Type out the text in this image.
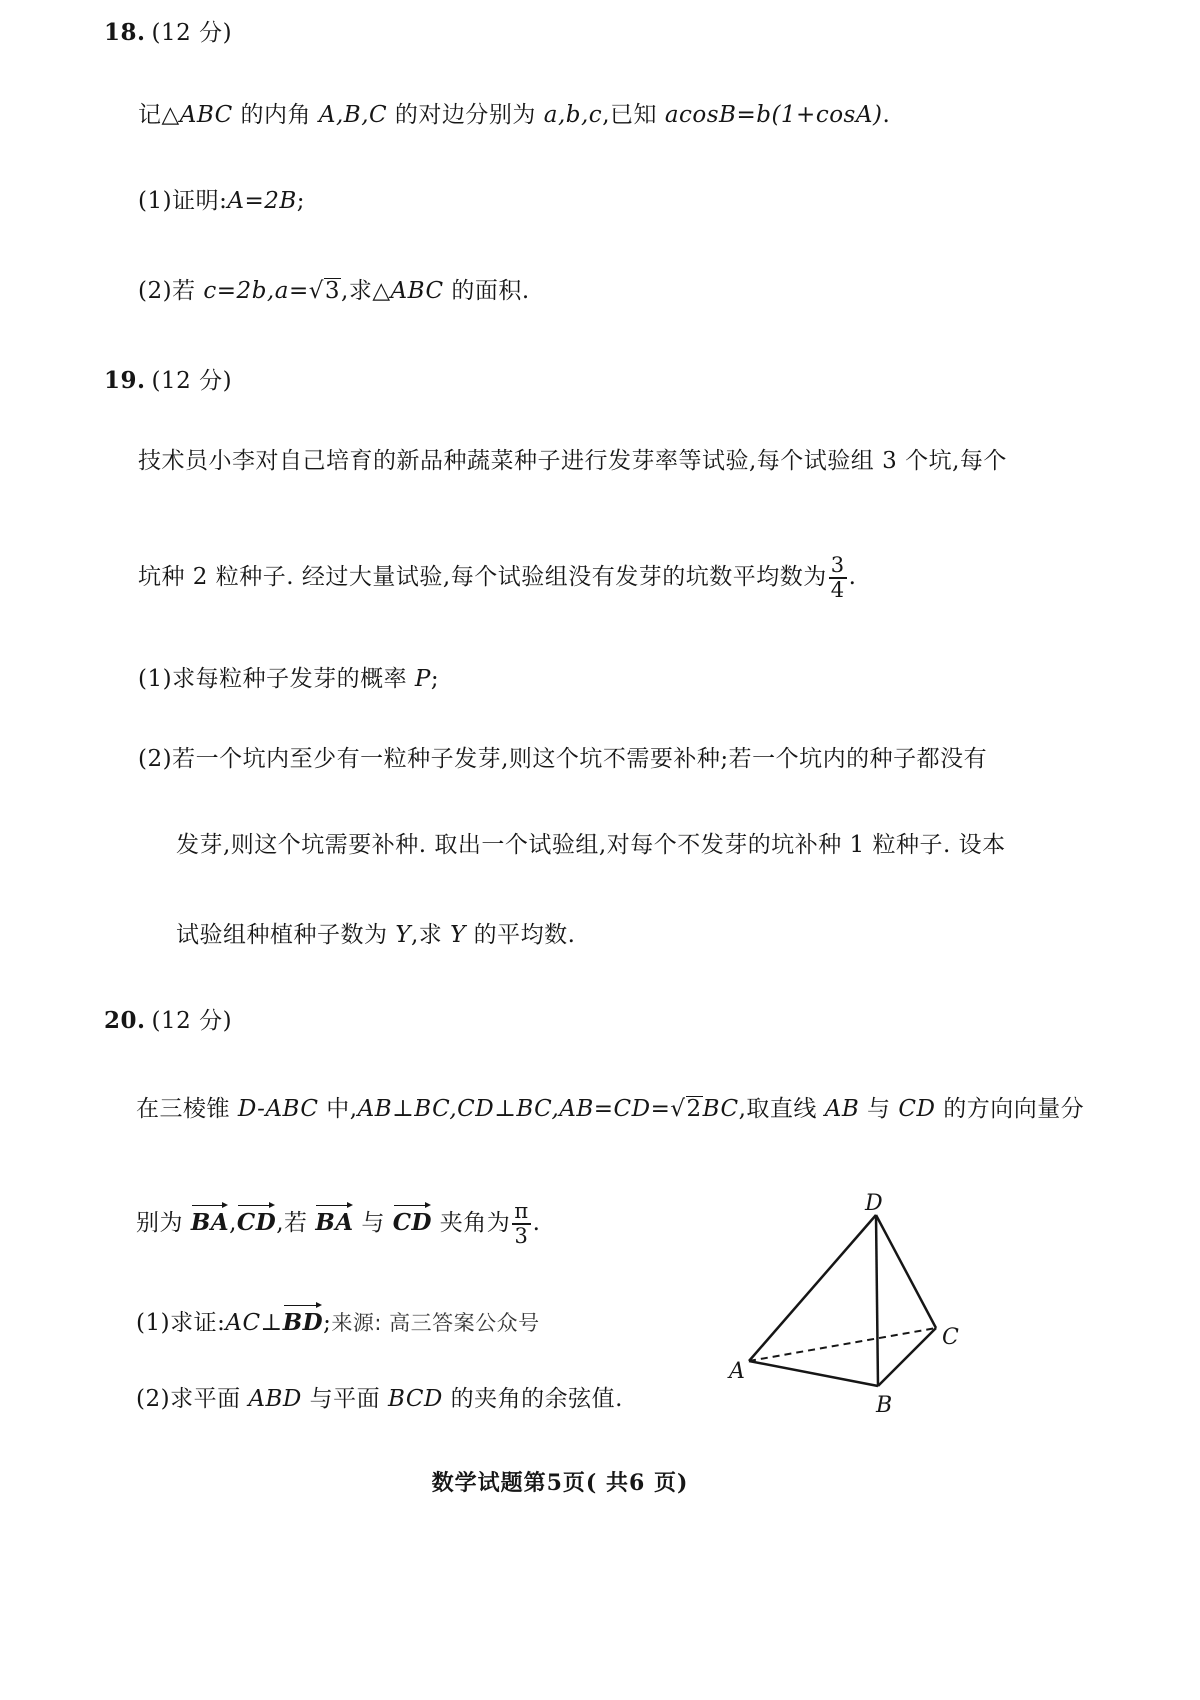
18. (12 分)
记△ABC 的内角 A,B,C 的对边分别为 a,b,c,已知 acosB=b(1+cosA).
(1)证明:A=2B;
(2)若 c=2b,a=√3,求△ABC 的面积.
19. (12 分)
技术员小李对自己培育的新品种蔬菜种子进行发芽率等试验,每个试验组 3 个坑,每个
坑种 2 粒种子. 经过大量试验,每个试验组没有发芽的坑数平均数为 $\frac{3}{4}$ .
(1)求每粒种子发芽的概率 P;
(2)若一个坑内至少有一粒种子发芽,则这个坑不需要补种;若一个坑内的种子都没有
发芽,则这个坑需要补种. 取出一个试验组,对每个不发芽的坑补种 1 粒种子. 设本
试验组种植种子数为 Y,求 Y 的平均数.
20. (12 分)
在三棱锥 D-ABC 中,AB⊥BC,CD⊥BC,AB=CD=√2BC,取直线 AB 与 CD 的方向向量分
别为 BA,CD,若 BA 与 CD 夹角为 $\frac{\pi}{3}$ .
(1)求证:AC⊥BD;来源: 高三答案公众号
(2)求平面 ABD 与平面 BCD 的夹角的余弦值.
A
B
C
D
数学试题第5页( 共6 页)
